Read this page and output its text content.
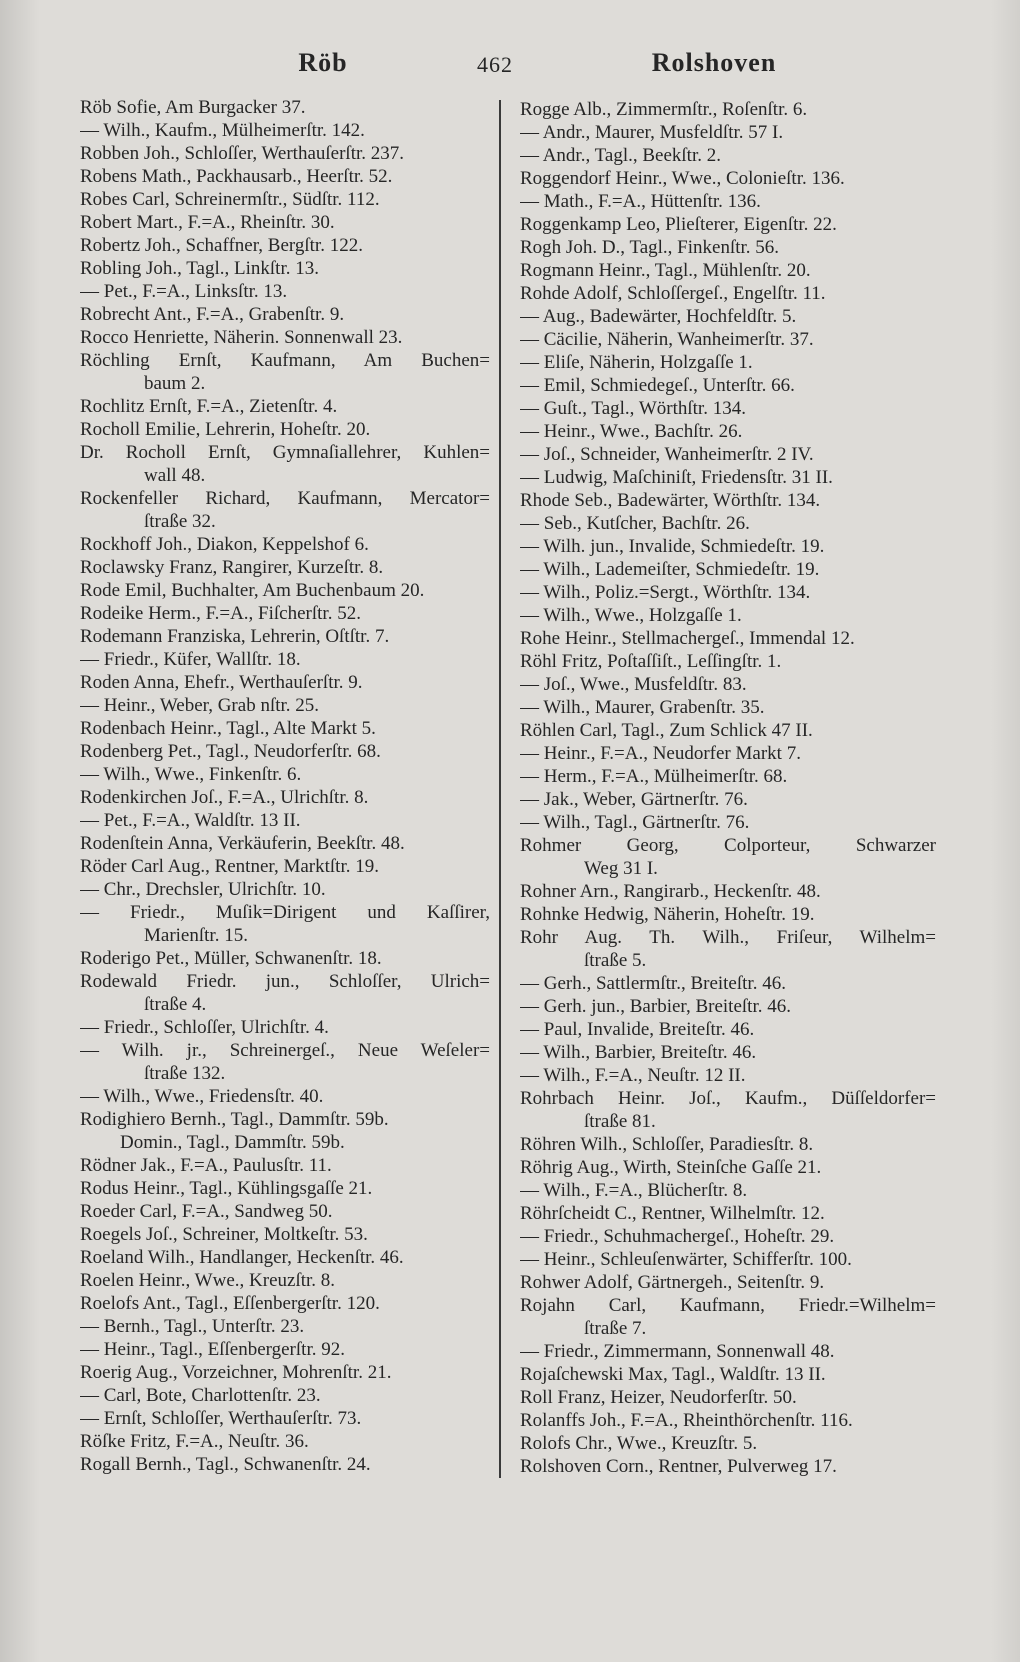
Röb	462	Rolshoven
Röb Sofie, Am Burgacker 37.
— Wilh., Kaufm., Mülheimerſtr. 142.
Robben Joh., Schloſſer, Werthauſerſtr. 237.
Robens Math., Packhausarb., Heerſtr. 52.
Robes Carl, Schreinermſtr., Südſtr. 112.
Robert Mart., F.=A., Rheinſtr. 30.
Robertz Joh., Schaffner, Bergſtr. 122.
Robling Joh., Tagl., Linkſtr. 13.
— Pet., F.=A., Linksſtr. 13.
Robrecht Ant., F.=A., Grabenſtr. 9.
Rocco Henriette, Näherin. Sonnenwall 23.
Röchling Ernſt, Kaufmann, Am Buchen=
baum 2.
Rochlitz Ernſt, F.=A., Zietenſtr. 4.
Rocholl Emilie, Lehrerin, Hoheſtr. 20.
Dr. Rocholl Ernſt, Gymnaſiallehrer, Kuhlen=
wall 48.
Rockenfeller Richard, Kaufmann, Mercator=
ſtraße 32.
Rockhoff Joh., Diakon, Keppelshof 6.
Roclawsky Franz, Rangirer, Kurzeſtr. 8.
Rode Emil, Buchhalter, Am Buchenbaum 20.
Rodeike Herm., F.=A., Fiſcherſtr. 52.
Rodemann Franziska, Lehrerin, Oſtſtr. 7.
— Friedr., Küfer, Wallſtr. 18.
Roden Anna, Ehefr., Werthauſerſtr. 9.
— Heinr., Weber, Grab nſtr. 25.
Rodenbach Heinr., Tagl., Alte Markt 5.
Rodenberg Pet., Tagl., Neudorferſtr. 68.
— Wilh., Wwe., Finkenſtr. 6.
Rodenkirchen Joſ., F.=A., Ulrichſtr. 8.
— Pet., F.=A., Waldſtr. 13 II.
Rodenſtein Anna, Verkäuferin, Beekſtr. 48.
Röder Carl Aug., Rentner, Marktſtr. 19.
— Chr., Drechsler, Ulrichſtr. 10.
— Friedr., Muſik=Dirigent und Kaſſirer,
Marienſtr. 15.
Roderigo Pet., Müller, Schwanenſtr. 18.
Rodewald Friedr. jun., Schloſſer, Ulrich=
ſtraße 4.
— Friedr., Schloſſer, Ulrichſtr. 4.
— Wilh. jr., Schreinergeſ., Neue Weſeler=
ſtraße 132.
— Wilh., Wwe., Friedensſtr. 40.
Rodighiero Bernh., Tagl., Dammſtr. 59b.
Domin., Tagl., Dammſtr. 59b.
Rödner Jak., F.=A., Paulusſtr. 11.
Rodus Heinr., Tagl., Kühlingsgaſſe 21.
Roeder Carl, F.=A., Sandweg 50.
Roegels Joſ., Schreiner, Moltkeſtr. 53.
Roeland Wilh., Handlanger, Heckenſtr. 46.
Roelen Heinr., Wwe., Kreuzſtr. 8.
Roelofs Ant., Tagl., Eſſenbergerſtr. 120.
— Bernh., Tagl., Unterſtr. 23.
— Heinr., Tagl., Eſſenbergerſtr. 92.
Roerig Aug., Vorzeichner, Mohrenſtr. 21.
— Carl, Bote, Charlottenſtr. 23.
— Ernſt, Schloſſer, Werthauſerſtr. 73.
Röſke Fritz, F.=A., Neuſtr. 36.
Rogall Bernh., Tagl., Schwanenſtr. 24.
Rogge Alb., Zimmermſtr., Roſenſtr. 6.
— Andr., Maurer, Musfeldſtr. 57 I.
— Andr., Tagl., Beekſtr. 2.
Roggendorf Heinr., Wwe., Colonieſtr. 136.
— Math., F.=A., Hüttenſtr. 136.
Roggenkamp Leo, Plieſterer, Eigenſtr. 22.
Rogh Joh. D., Tagl., Finkenſtr. 56.
Rogmann Heinr., Tagl., Mühlenſtr. 20.
Rohde Adolf, Schloſſergeſ., Engelſtr. 11.
— Aug., Badewärter, Hochfeldſtr. 5.
— Cäcilie, Näherin, Wanheimerſtr. 37.
— Eliſe, Näherin, Holzgaſſe 1.
— Emil, Schmiedegeſ., Unterſtr. 66.
— Guſt., Tagl., Wörthſtr. 134.
— Heinr., Wwe., Bachſtr. 26.
— Joſ., Schneider, Wanheimerſtr. 2 IV.
— Ludwig, Maſchiniſt, Friedensſtr. 31 II.
Rhode Seb., Badewärter, Wörthſtr. 134.
— Seb., Kutſcher, Bachſtr. 26.
— Wilh. jun., Invalide, Schmiedeſtr. 19.
— Wilh., Lademeiſter, Schmiedeſtr. 19.
— Wilh., Poliz.=Sergt., Wörthſtr. 134.
— Wilh., Wwe., Holzgaſſe 1.
Rohe Heinr., Stellmachergeſ., Immendal 12.
Röhl Fritz, Poſtaſſiſt., Leſſingſtr. 1.
— Joſ., Wwe., Musfeldſtr. 83.
— Wilh., Maurer, Grabenſtr. 35.
Röhlen Carl, Tagl., Zum Schlick 47 II.
— Heinr., F.=A., Neudorfer Markt 7.
— Herm., F.=A., Mülheimerſtr. 68.
— Jak., Weber, Gärtnerſtr. 76.
— Wilh., Tagl., Gärtnerſtr. 76.
Rohmer Georg, Colporteur, Schwarzer
Weg 31 I.
Rohner Arn., Rangirarb., Heckenſtr. 48.
Rohnke Hedwig, Näherin, Hoheſtr. 19.
Rohr Aug. Th. Wilh., Friſeur, Wilhelm=
ſtraße 5.
— Gerh., Sattlermſtr., Breiteſtr. 46.
— Gerh. jun., Barbier, Breiteſtr. 46.
— Paul, Invalide, Breiteſtr. 46.
— Wilh., Barbier, Breiteſtr. 46.
— Wilh., F.=A., Neuſtr. 12 II.
Rohrbach Heinr. Joſ., Kaufm., Düſſeldorfer=
ſtraße 81.
Röhren Wilh., Schloſſer, Paradiesſtr. 8.
Röhrig Aug., Wirth, Steinſche Gaſſe 21.
— Wilh., F.=A., Blücherſtr. 8.
Röhrſcheidt C., Rentner, Wilhelmſtr. 12.
— Friedr., Schuhmachergeſ., Hoheſtr. 29.
— Heinr., Schleuſenwärter, Schifferſtr. 100.
Rohwer Adolf, Gärtnergeh., Seitenſtr. 9.
Rojahn Carl, Kaufmann, Friedr.=Wilhelm=
ſtraße 7.
— Friedr., Zimmermann, Sonnenwall 48.
Rojaſchewski Max, Tagl., Waldſtr. 13 II.
Roll Franz, Heizer, Neudorferſtr. 50.
Rolanffs Joh., F.=A., Rheinthörchenſtr. 116.
Rolofs Chr., Wwe., Kreuzſtr. 5.
Rolshoven Corn., Rentner, Pulverweg 17.
